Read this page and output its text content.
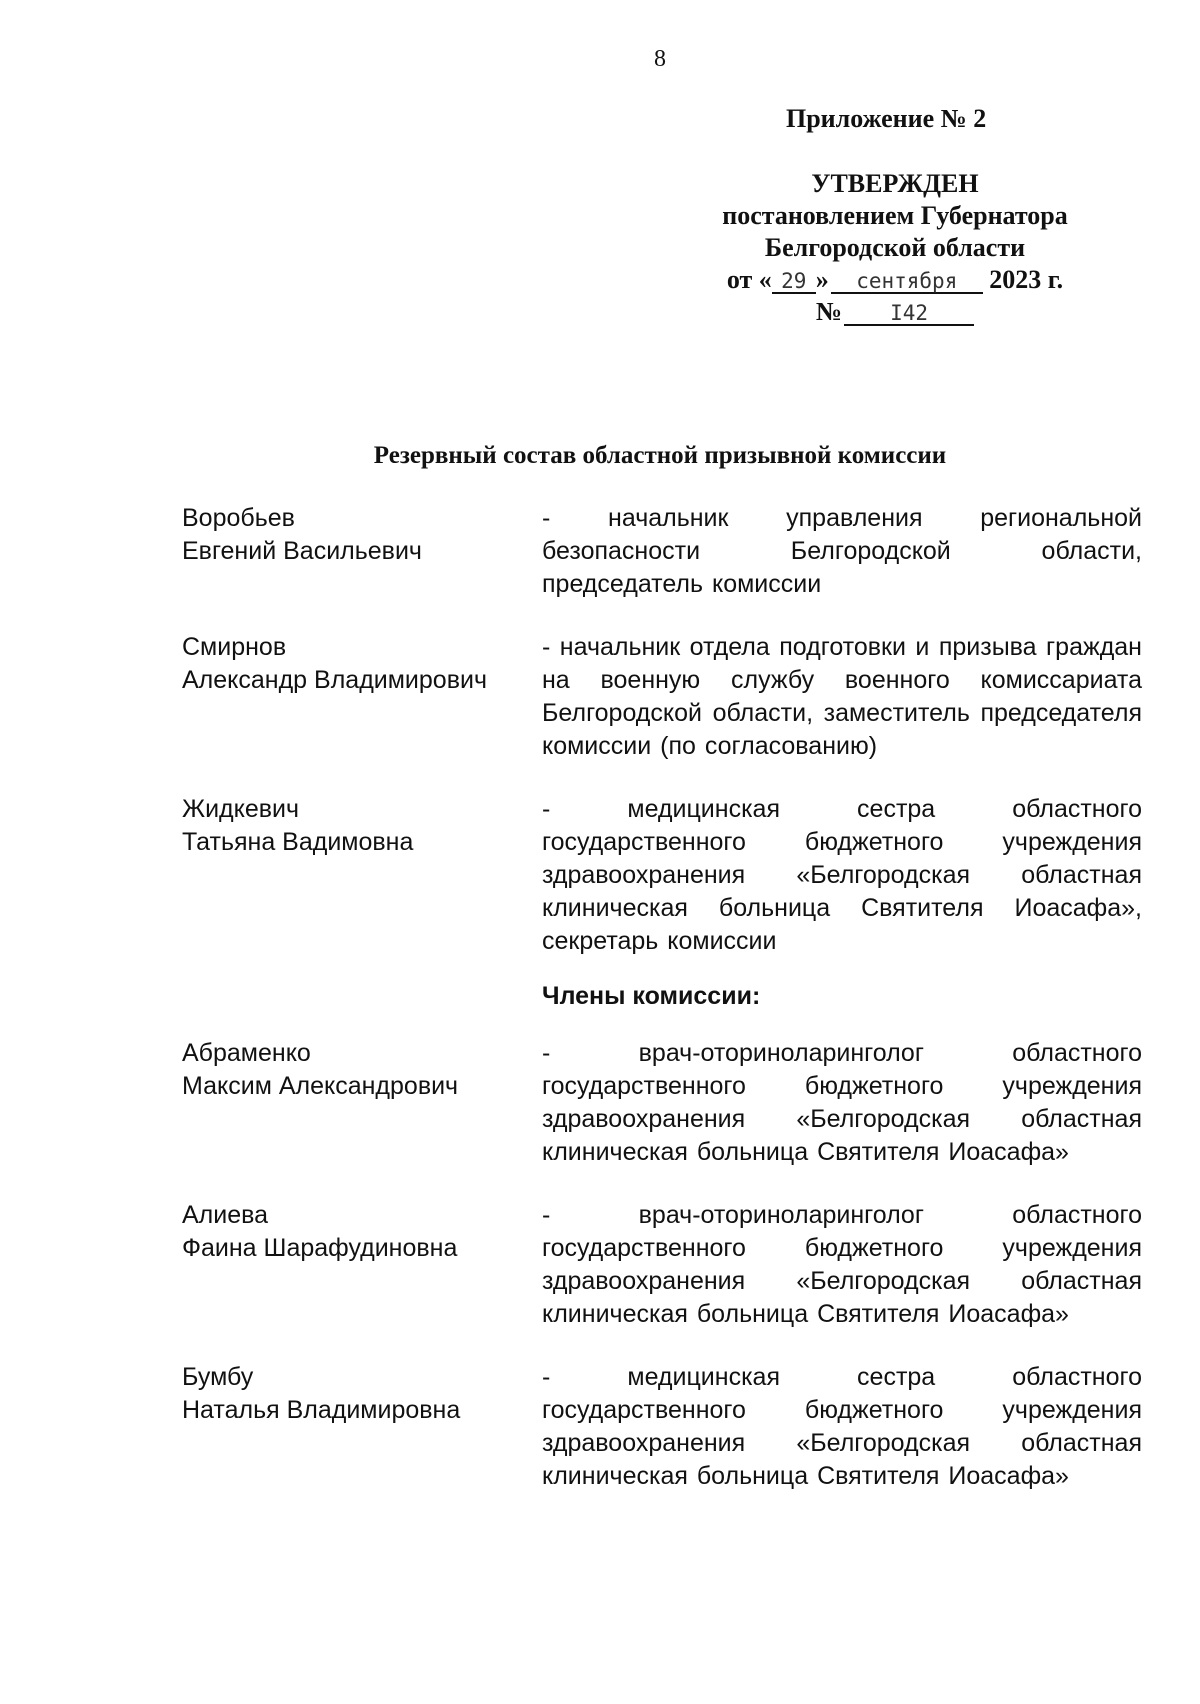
8
Приложение № 2
УТВЕРЖДЕН
постановлением Губернатора
Белгородской области
от « 29 » сентября 2023 г.
№ I42
Резервный состав областной призывной комиссии
Воробьев
Евгений Васильевич
- начальник управления региональной безопасности Белгородской области, председатель комиссии
Смирнов
Александр Владимирович
- начальник отдела подготовки и призыва граждан на военную службу военного комиссариата Белгородской области, заместитель председателя комиссии (по согласованию)
Жидкевич
Татьяна Вадимовна
- медицинская сестра областного государственного бюджетного учреждения здравоохранения «Белгородская областная клиническая больница Святителя Иоасафа», секретарь комиссии
Члены комиссии:
Абраменко
Максим Александрович
- врач-оториноларинголог областного государственного бюджетного учреждения здравоохранения «Белгородская областная клиническая больница Святителя Иоасафа»
Алиева
Фаина Шарафудиновна
- врач-оториноларинголог областного государственного бюджетного учреждения здравоохранения «Белгородская областная клиническая больница Святителя Иоасафа»
Бумбу
Наталья Владимировна
- медицинская сестра областного государственного бюджетного учреждения здравоохранения «Белгородская областная клиническая больница Святителя Иоасафа»
